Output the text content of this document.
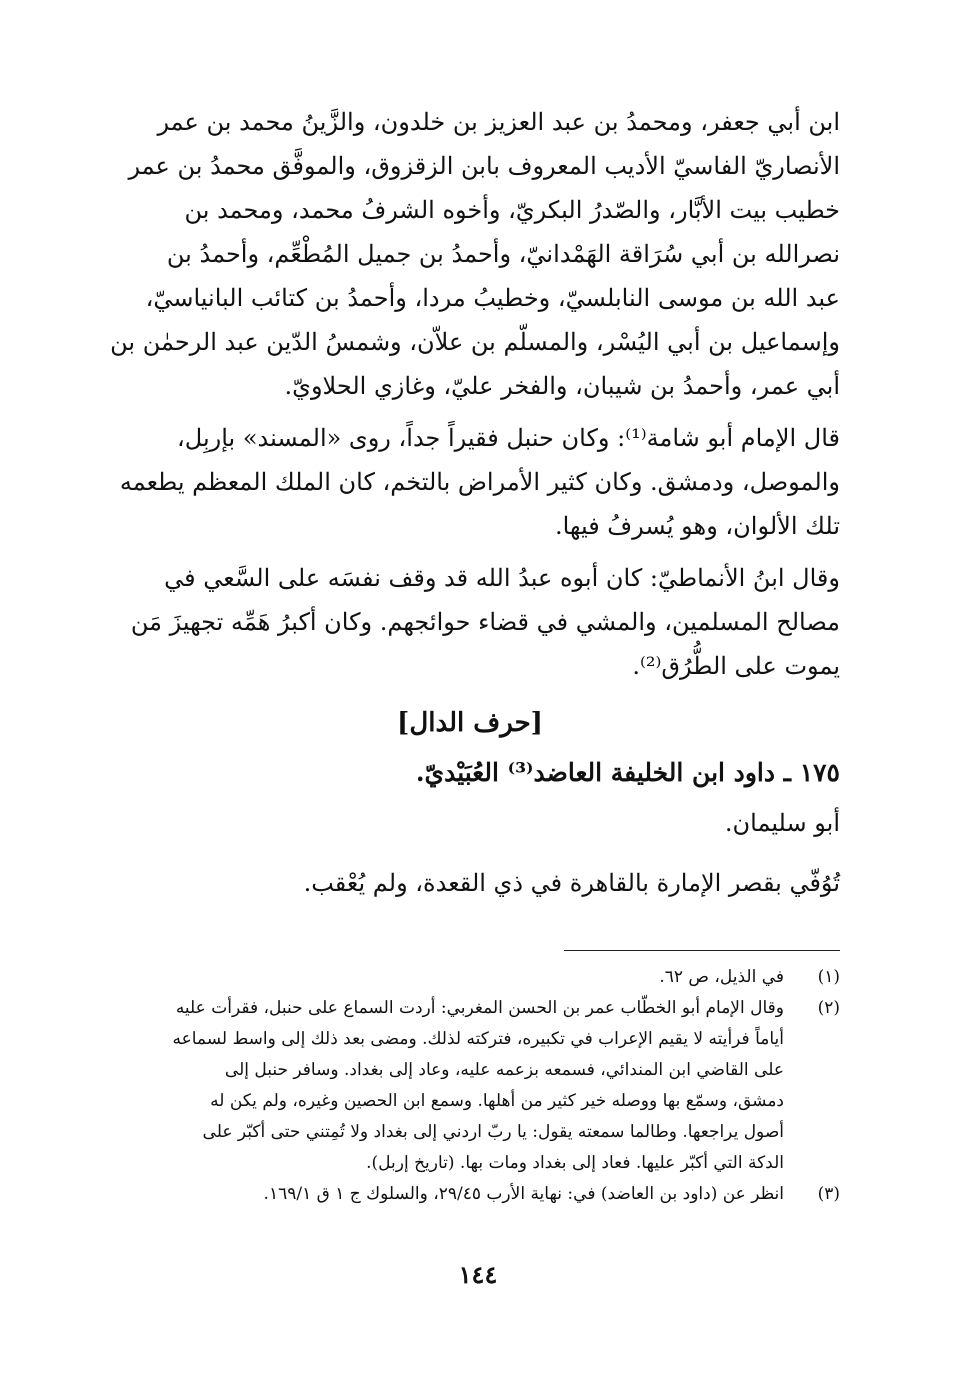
ابن أبي جعفر، ومحمدُ بن عبد العزيز بن خلدون، والزَّينُ محمد بن عمر
الأنصاريّ الفاسيّ الأديب المعروف بابن الزقزوق، والموفَّق محمدُ بن عمر
خطيب بيت الأبَّار، والصّدرُ البكريّ، وأخوه الشرفُ محمد، ومحمد بن
نصرالله بن أبي سُرَاقة الهَمْدانيّ، وأحمدُ بن جميل المُطْعِّم، وأحمدُ بن
عبد الله بن موسى النابلسيّ، وخطيبُ مردا، وأحمدُ بن كتائب البانياسيّ،
وإسماعيل بن أبي اليُسْر، والمسلّم بن علاّن، وشمسُ الدّين عبد الرحمٰن بن
أبي عمر، وأحمدُ بن شيبان، والفخر عليّ، وغازي الحلاويّ.
قال الإمام أبو شامة⁽¹⁾: وكان حنبل فقيراً جداً، روى «المسند» بإربِل،
والموصل، ودمشق. وكان كثير الأمراض بالتخم، كان الملك المعظم يطعمه
تلك الألوان، وهو يُسرفُ فيها.
وقال ابنُ الأنماطيّ: كان أبوه عبدُ الله قد وقف نفسَه على السَّعي في
مصالح المسلمين، والمشي في قضاء حوائجهم. وكان أكبرُ هَمِّه تجهيزَ مَن
يموت على الطُّرُق⁽²⁾.
[حرف الدال]

١٧٥ ـ داود ابن الخليفة العاضد⁽³⁾ العُبَيْديّ.

أبو سليمان.

تُوُفّي بقصر الإمارة بالقاهرة في ذي القعدة، ولم يُعْقب.

(١)
في الذيل، ص ٦٢.
(٢)
وقال الإمام أبو الخطّاب عمر بن الحسن المغربي: أردت السماع على حنبل، فقرأت عليه
أياماً فرأيته لا يقيم الإعراب في تكبيره، فتركته لذلك. ومضى بعد ذلك إلى واسط لسماعه
على القاضي ابن المندائي، فسمعه بزعمه عليه، وعاد إلى بغداد. وسافر حنبل إلى
دمشق، وسمّع بها ووصله خير كثير من أهلها. وسمع ابن الحصين وغيره، ولم يكن له
أصول يراجعها. وطالما سمعته يقول: يا ربّ اردني إلى بغداد ولا تُمِتني حتى أكبّر على
الدكة التي أكبّر عليها. فعاد إلى بغداد ومات بها. (تاريخ إربل).
(٣)
انظر عن (داود بن العاضد) في: نهاية الأرب ٢٩/٤٥، والسلوك ج ١ ق ١٦٩/١.
١٤٤
